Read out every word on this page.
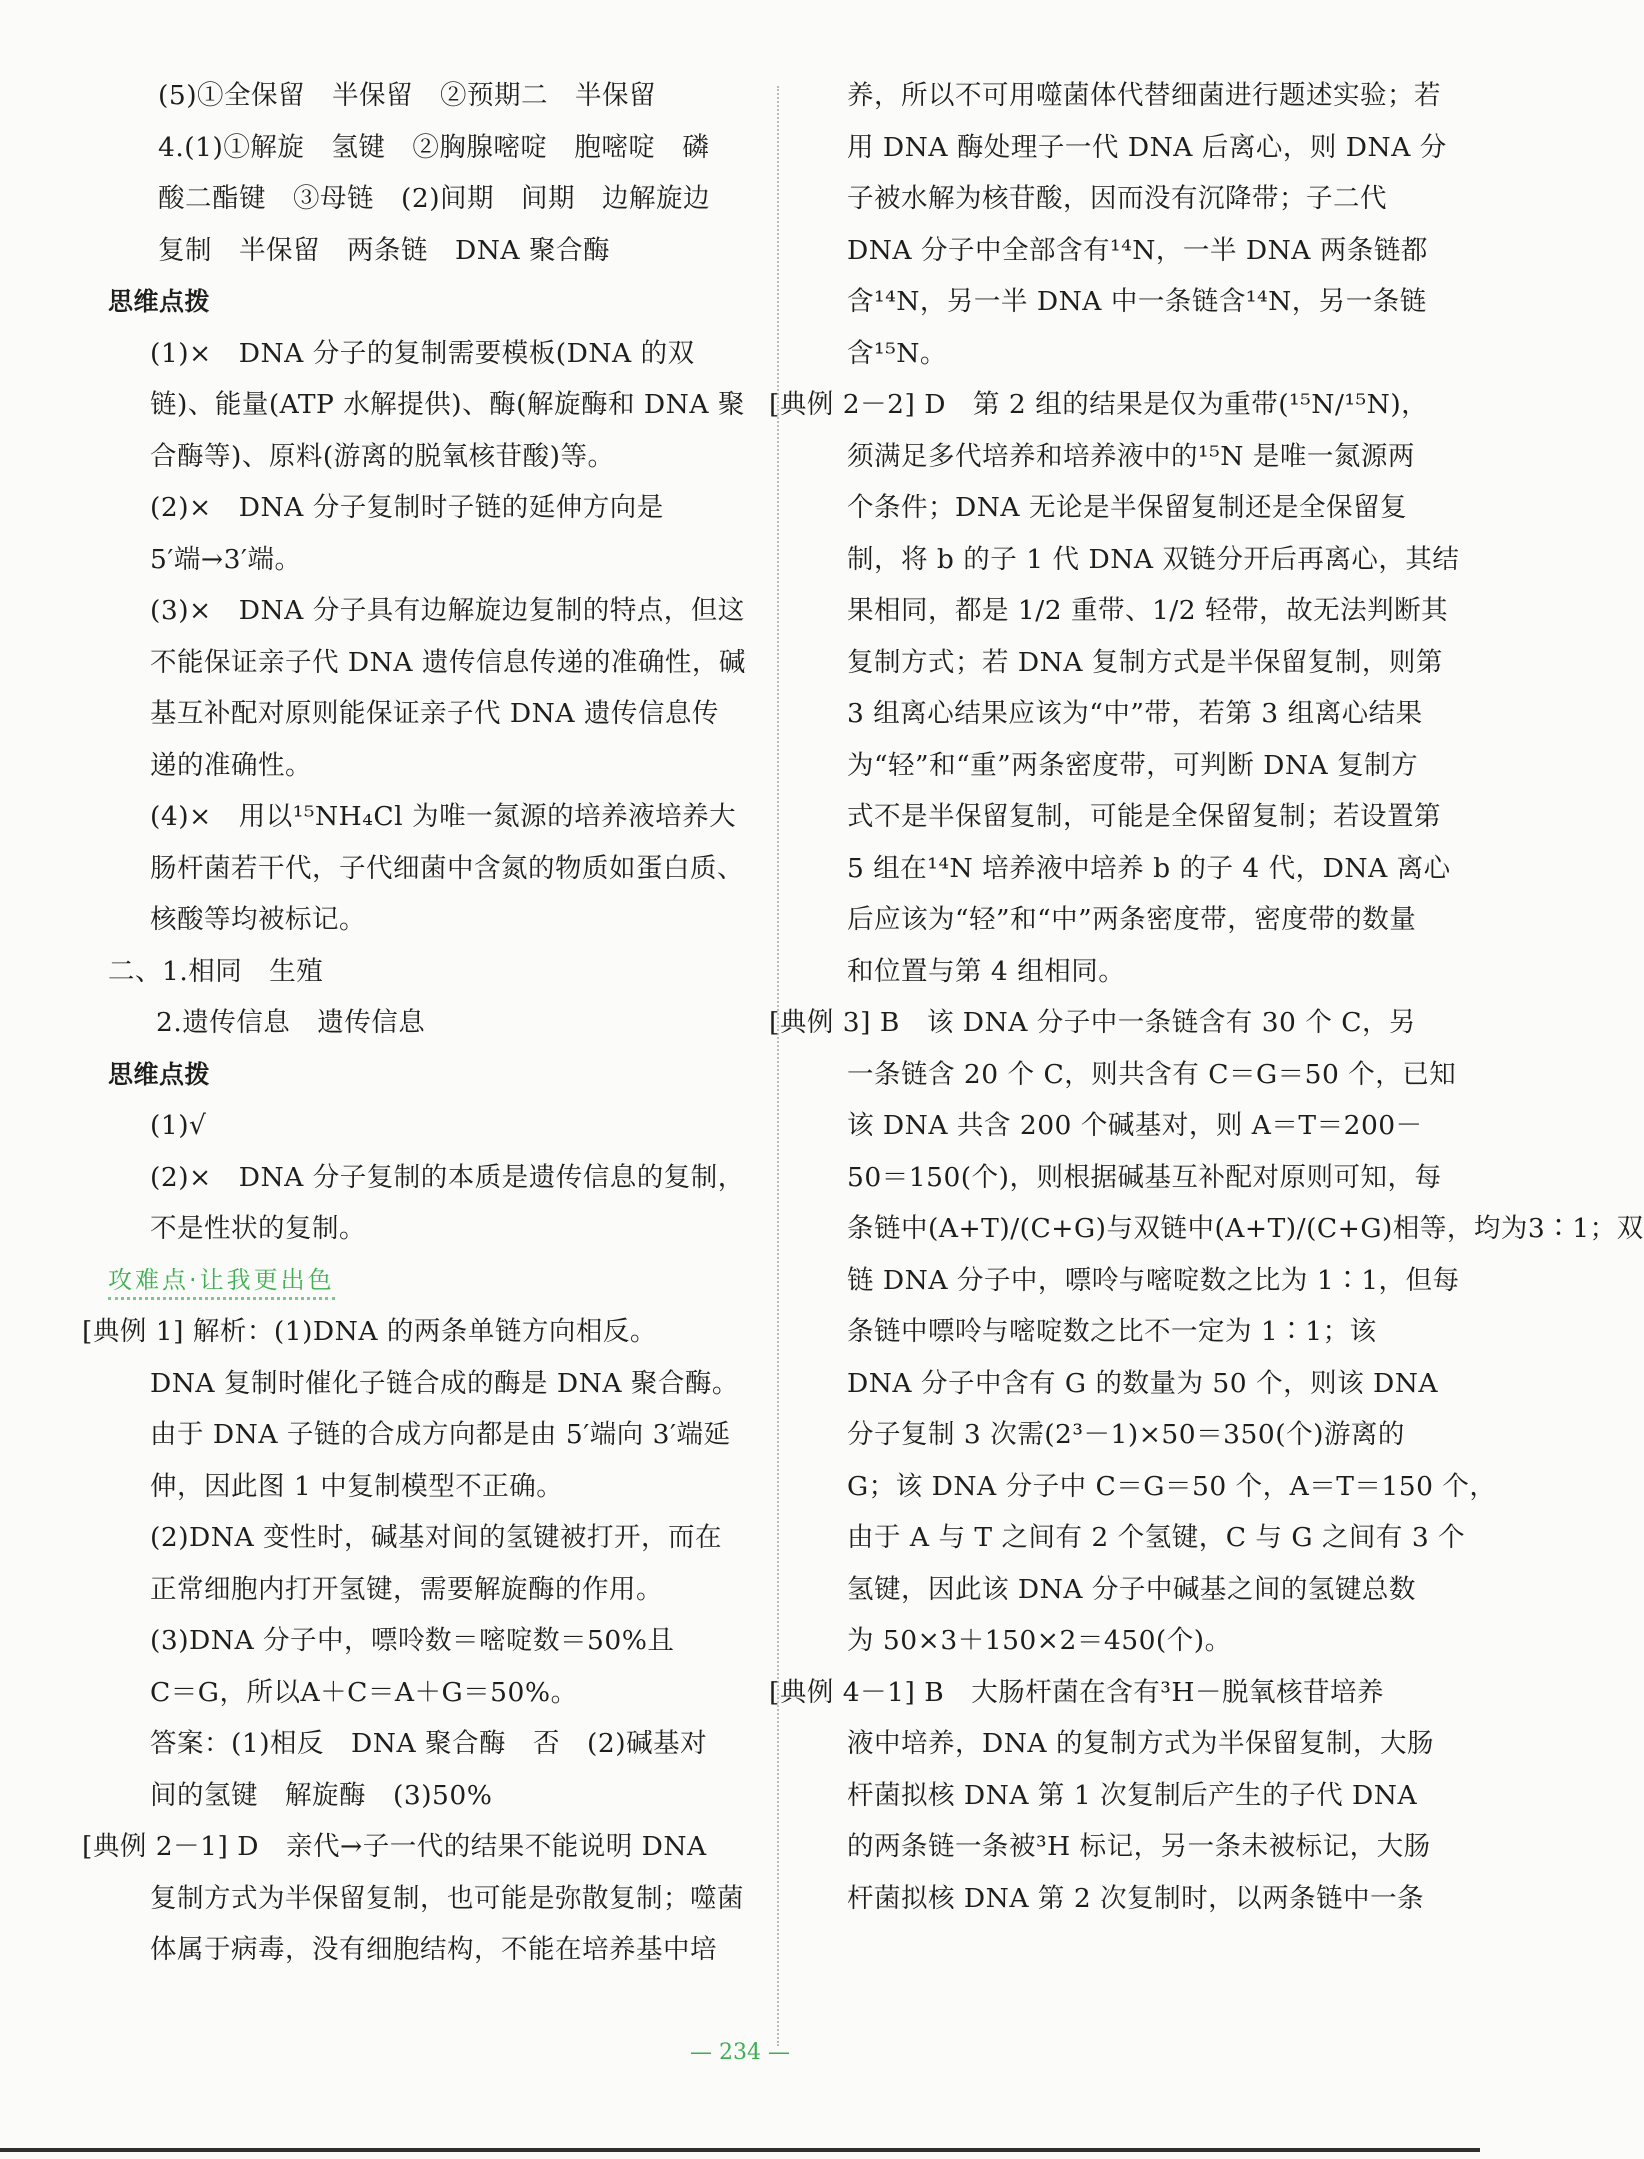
(5)①全保留　半保留　②预期二　半保留
4.(1)①解旋　氢键　②胸腺嘧啶　胞嘧啶　磷
酸二酯键　③母链　(2)间期　间期　边解旋边
复制　半保留　两条链　DNA 聚合酶
思维点拨
(1)×　DNA 分子的复制需要模板(DNA 的双
链)、能量(ATP 水解提供)、酶(解旋酶和 DNA 聚
合酶等)、原料(游离的脱氧核苷酸)等。
(2)×　DNA 分子复制时子链的延伸方向是
5′端→3′端。
(3)×　DNA 分子具有边解旋边复制的特点，但这
不能保证亲子代 DNA 遗传信息传递的准确性，碱
基互补配对原则能保证亲子代 DNA 遗传信息传
递的准确性。
(4)×　用以¹⁵NH₄Cl 为唯一氮源的培养液培养大
肠杆菌若干代，子代细菌中含氮的物质如蛋白质、
核酸等均被标记。
二、1.相同　生殖
2.遗传信息　遗传信息
思维点拨
(1)√
(2)×　DNA 分子复制的本质是遗传信息的复制，
不是性状的复制。
攻难点·让我更出色
[典例 1] 解析：(1)DNA 的两条单链方向相反。
DNA 复制时催化子链合成的酶是 DNA 聚合酶。
由于 DNA 子链的合成方向都是由 5′端向 3′端延
伸，因此图 1 中复制模型不正确。
(2)DNA 变性时，碱基对间的氢键被打开，而在
正常细胞内打开氢键，需要解旋酶的作用。
(3)DNA 分子中，嘌呤数＝嘧啶数＝50%且
C＝G，所以A＋C＝A＋G＝50%。
答案：(1)相反　DNA 聚合酶　否　(2)碱基对
间的氢键　解旋酶　(3)50%
[典例 2－1] D　亲代→子一代的结果不能说明 DNA
复制方式为半保留复制，也可能是弥散复制；噬菌
体属于病毒，没有细胞结构，不能在培养基中培
养，所以不可用噬菌体代替细菌进行题述实验；若
用 DNA 酶处理子一代 DNA 后离心，则 DNA 分
子被水解为核苷酸，因而没有沉降带；子二代
DNA 分子中全部含有¹⁴N，一半 DNA 两条链都
含¹⁴N，另一半 DNA 中一条链含¹⁴N，另一条链
含¹⁵N。
[典例 2－2] D　第 2 组的结果是仅为重带(¹⁵N/¹⁵N)，
须满足多代培养和培养液中的¹⁵N 是唯一氮源两
个条件；DNA 无论是半保留复制还是全保留复
制，将 b 的子 1 代 DNA 双链分开后再离心，其结
果相同，都是 1/2 重带、1/2 轻带，故无法判断其
复制方式；若 DNA 复制方式是半保留复制，则第
3 组离心结果应该为“中”带，若第 3 组离心结果
为“轻”和“重”两条密度带，可判断 DNA 复制方
式不是半保留复制，可能是全保留复制；若设置第
5 组在¹⁴N 培养液中培养 b 的子 4 代，DNA 离心
后应该为“轻”和“中”两条密度带，密度带的数量
和位置与第 4 组相同。
[典例 3] B　该 DNA 分子中一条链含有 30 个 C，另
一条链含 20 个 C，则共含有 C＝G＝50 个，已知
该 DNA 共含 200 个碱基对，则 A＝T＝200－
50＝150(个)，则根据碱基互补配对原则可知，每
条链中(A+T)/(C+G)与双链中(A+T)/(C+G)相等，均为3∶1；双
链 DNA 分子中，嘌呤与嘧啶数之比为 1∶1，但每
条链中嘌呤与嘧啶数之比不一定为 1∶1；该
DNA 分子中含有 G 的数量为 50 个，则该 DNA
分子复制 3 次需(2³－1)×50＝350(个)游离的
G；该 DNA 分子中 C＝G＝50 个，A＝T＝150 个，
由于 A 与 T 之间有 2 个氢键，C 与 G 之间有 3 个
氢键，因此该 DNA 分子中碱基之间的氢键总数
为 50×3＋150×2＝450(个)。
[典例 4－1] B　大肠杆菌在含有³H－脱氧核苷培养
液中培养，DNA 的复制方式为半保留复制，大肠
杆菌拟核 DNA 第 1 次复制后产生的子代 DNA
的两条链一条被³H 标记，另一条未被标记，大肠
杆菌拟核 DNA 第 2 次复制时，以两条链中一条
— 234 —
